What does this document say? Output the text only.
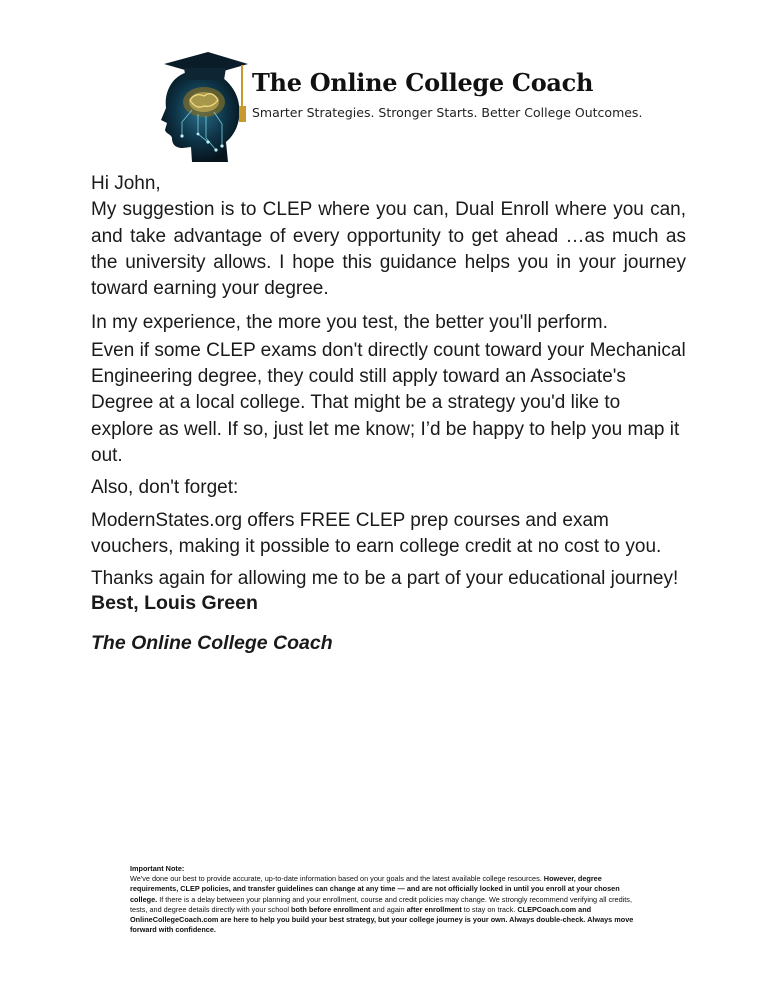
The Online College Coach
Smarter Strategies. Stronger Starts. Better College Outcomes.

Hi John,

My suggestion is to CLEP where you can, Dual Enroll where you can, and take advantage of every opportunity to get ahead …as much as the university allows. I hope this guidance helps you in your journey toward earning your degree.

In my experience, the more you test, the better you'll perform.

Even if some CLEP exams don't directly count toward your Mechanical Engineering degree, they could still apply toward an Associate's Degree at a local college. That might be a strategy you'd like to explore as well. If so, just let me know; I’d be happy to help you map it out.

Also, don't forget:

ModernStates.org offers FREE CLEP prep courses and exam vouchers, making it possible to earn college credit at no cost to you.

Thanks again for allowing me to be a part of your educational journey!

Best, Louis Green

The Online College Coach

Important Note:
We've done our best to provide accurate, up-to-date information based on your goals and the latest available college resources. However, degree requirements, CLEP policies, and transfer guidelines can change at any time — and are not officially locked in until you enroll at your chosen college. If there is a delay between your planning and your enrollment, course and credit policies may change. We strongly recommend verifying all credits, tests, and degree details directly with your school both before enrollment and again after enrollment to stay on track. CLEPCoach.com and OnlineCollegeCoach.com are here to help you build your best strategy, but your college journey is your own. Always double-check. Always move forward with confidence.
